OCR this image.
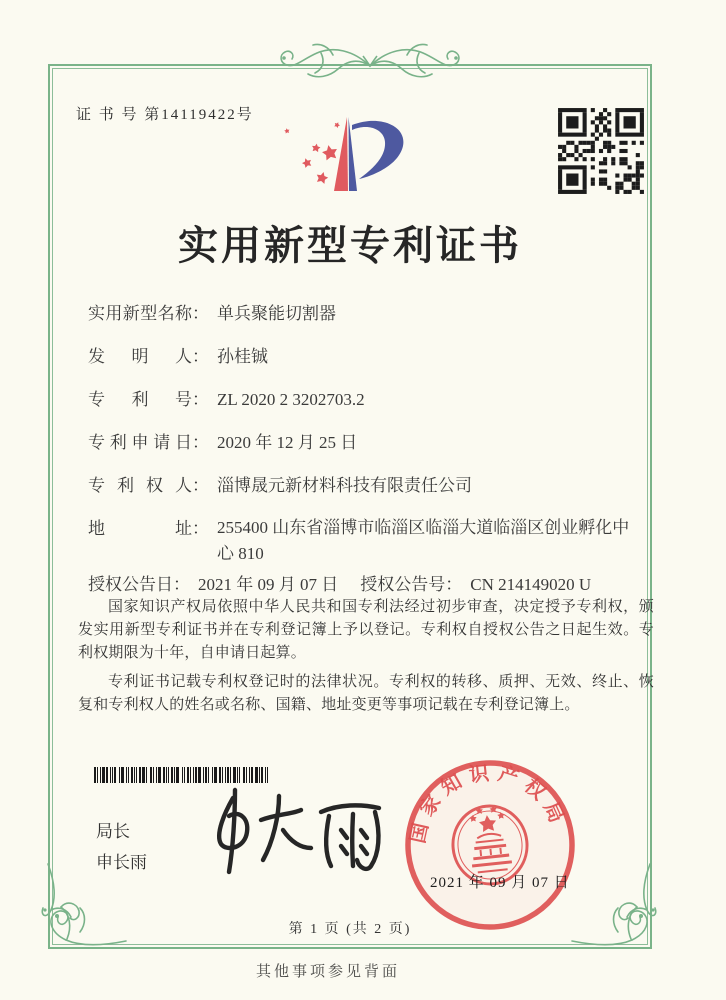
证 书 号 第14119422号
实用新型专利证书
实用新型名称 ： 单兵聚能切割器
发明人 ： 孙桂铖
专利号 ： ZL 2020 2 3202703.2
专利申请日 ： 2020 年 12 月 25 日
专利权人 ： 淄博晟元新材料科技有限责任公司
地址 ： 255400 山东省淄博市临淄区临淄大道临淄区创业孵化中心 810
授权公告日 ： 2021 年 09 月 07 日 授权公告号 ： CN 214149020 U

国家知识产权局依照中华人民共和国专利法经过初步审查，决定授予专利权，颁发实用新型专利证书并在专利登记簿上予以登记。专利权自授权公告之日起生效。专利权期限为十年，自申请日起算。

专利证书记载专利权登记时的法律状况。专利权的转移、质押、无效、终止、恢复和专利权人的姓名或名称、国籍、地址变更等事项记载在专利登记簿上。

局长
申长雨
国家知识产权局
2021 年 09 月 07 日
第 1 页 (共 2 页)
其他事项参见背面
